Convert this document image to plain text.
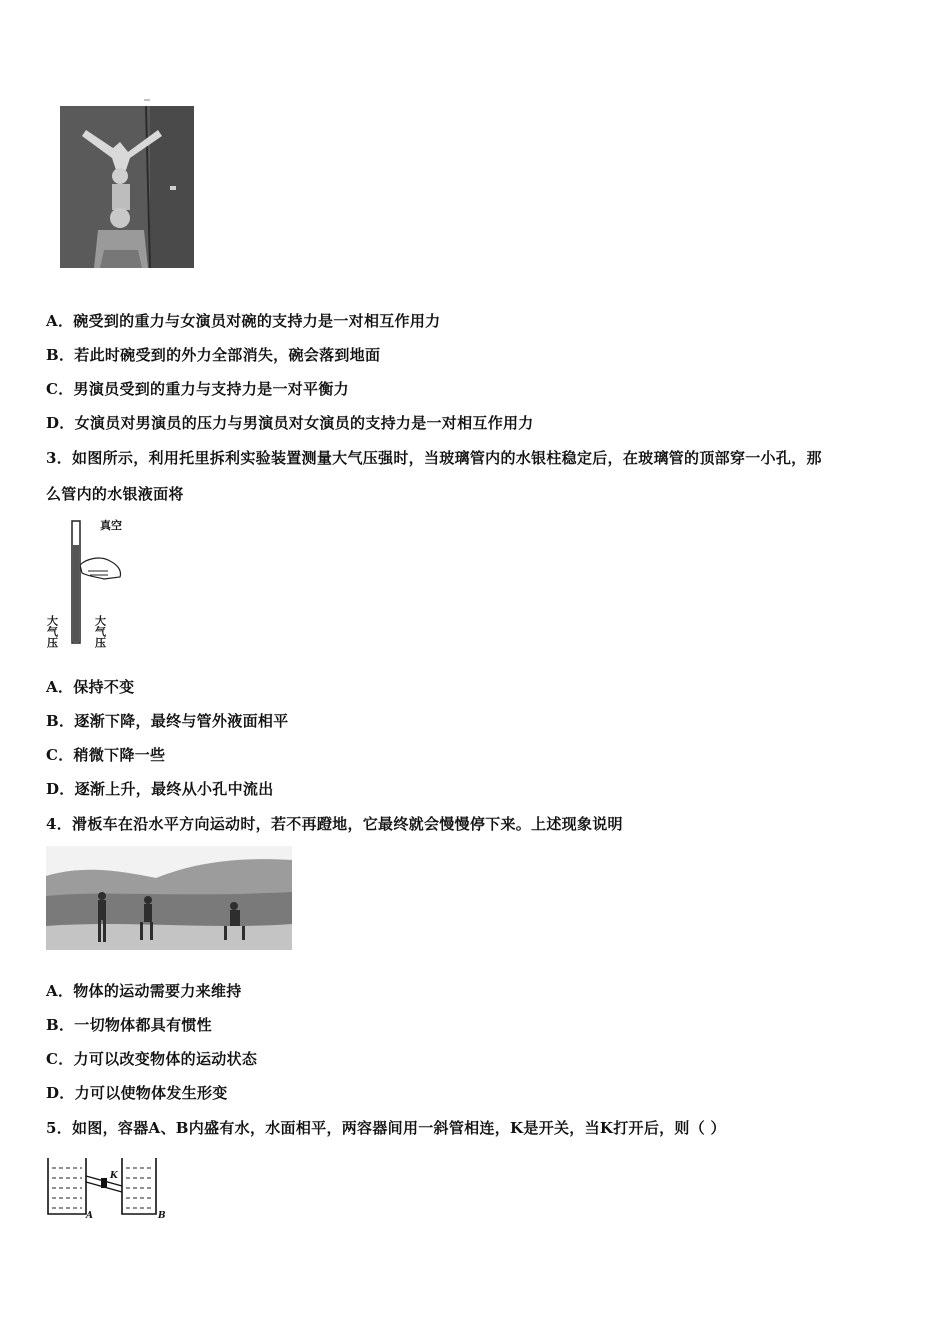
A．碗受到的重力与女演员对碗的支持力是一对相互作用力
B．若此时碗受到的外力全部消失，碗会落到地面
C．男演员受到的重力与支持力是一对平衡力
D．女演员对男演员的压力与男演员对女演员的支持力是一对相互作用力
3．如图所示，利用托里拆利实验装置测量大气压强时，当玻璃管内的水银柱稳定后，在玻璃管的顶部穿一小孔，那
么管内的水银液面将
真空
大气压	大气压
A．保持不变
B．逐渐下降，最终与管外液面相平
C．稍微下降一些
D．逐渐上升，最终从小孔中流出
4．滑板车在沿水平方向运动时，若不再蹬地，它最终就会慢慢停下来。上述现象说明
A．物体的运动需要力来维持
B．一切物体都具有惯性
C．力可以改变物体的运动状态
D．力可以使物体发生形变
5．如图，容器A、B内盛有水，水面相平，两容器间用一斜管相连，K是开关，当K打开后，则（ ）
K
A	B
